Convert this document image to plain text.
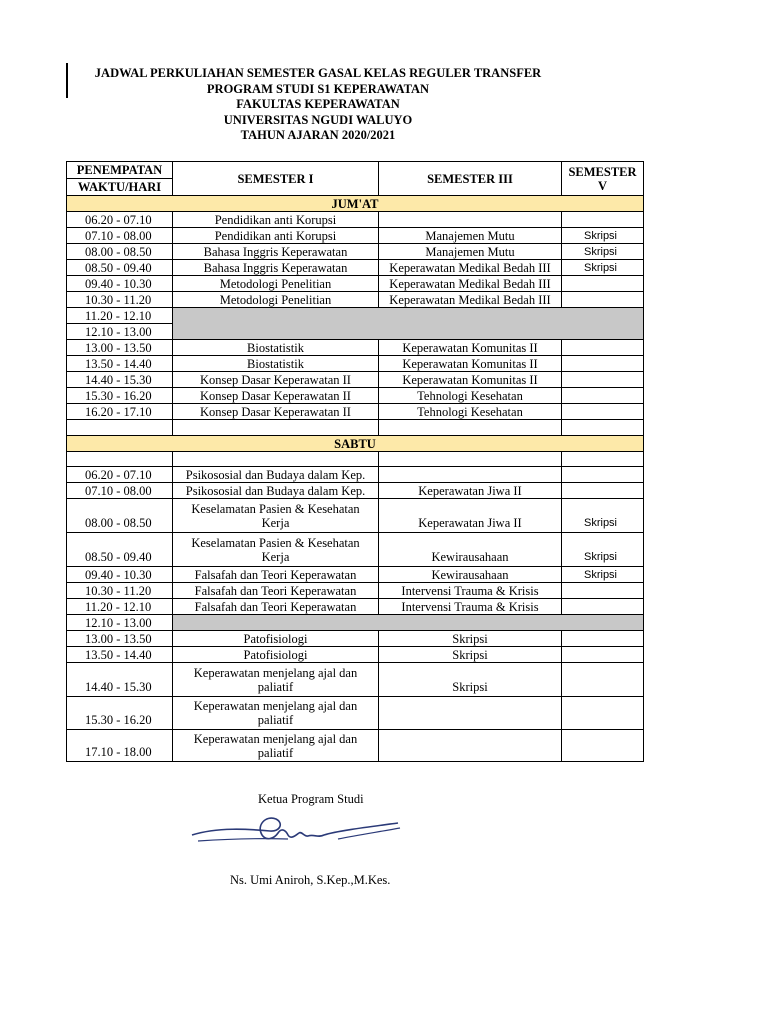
JADWAL PERKULIAHAN SEMESTER GASAL KELAS REGULER TRANSFER
PROGRAM STUDI S1 KEPERAWATAN
FAKULTAS KEPERAWATAN
UNIVERSITAS NGUDI WALUYO
TAHUN AJARAN 2020/2021
PENEMPATAN	SEMESTER I	SEMESTER III	SEMESTER
V

WAKTU/HARI			
JUM'AT			
06.20 - 07.10	Pendidikan anti Korupsi		
07.10 - 08.00	Pendidikan anti Korupsi	Manajemen Mutu	Skripsi
08.00 - 08.50	Bahasa Inggris Keperawatan	Manajemen Mutu	Skripsi
08.50 - 09.40	Bahasa Inggris Keperawatan	Keperawatan Medikal Bedah III	Skripsi
09.40 - 10.30	Metodologi Penelitian	Keperawatan Medikal Bedah III	
10.30 - 11.20	Metodologi Penelitian	Keperawatan Medikal Bedah III	
11.20 - 12.10			
12.10 - 13.00			
13.00 - 13.50	Biostatistik	Keperawatan Komunitas II	
13.50 - 14.40	Biostatistik	Keperawatan Komunitas II	
14.40 - 15.30	Konsep Dasar Keperawatan II	Keperawatan Komunitas II	
15.30 - 16.20	Konsep Dasar Keperawatan II	Tehnologi Kesehatan	
16.20 - 17.10	Konsep Dasar Keperawatan II	Tehnologi Kesehatan	

SABTU			

06.20 - 07.10	Psikososial dan Budaya dalam Kep.		
07.10 - 08.00	Psikososial dan Budaya dalam Kep.	Keperawatan Jiwa II	
08.00 - 08.50	Keselamatan Pasien & Kesehatan
Kerja	Keperawatan Jiwa II	Skripsi
08.50 - 09.40	Keselamatan Pasien & Kesehatan
Kerja	Kewirausahaan	Skripsi
09.40 - 10.30	Falsafah dan Teori Keperawatan	Kewirausahaan	Skripsi
10.30 - 11.20	Falsafah dan Teori Keperawatan	Intervensi Trauma & Krisis	
11.20 - 12.10	Falsafah dan Teori Keperawatan	Intervensi Trauma & Krisis	
12.10 - 13.00			
13.00 - 13.50	Patofisiologi	Skripsi	
13.50 - 14.40	Patofisiologi	Skripsi	
14.40 - 15.30	Keperawatan menjelang ajal dan
paliatif	Skripsi	
15.30 - 16.20	Keperawatan menjelang ajal dan
paliatif		

17.10 - 18.00	Keperawatan menjelang ajal dan
paliatif		

Ketua Program Studi
Ns. Umi Aniroh, S.Kep.,M.Kes.
